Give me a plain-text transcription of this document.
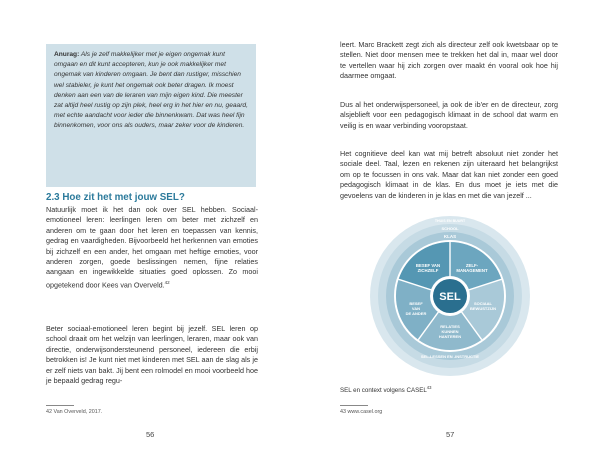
Anurag: Als je zelf makkelijker met je eigen ongemak kunt omgaan en dit kunt accepteren, kun je ook makkelijker met ongemak van kinderen omgaan. Je bent dan rustiger, misschien wel stabieler, je kunt het ongemak ook beter dragen. Ik moest denken aan een van de leraren van mijn eigen kind. Die meester zat altijd heel rustig op zijn plek, heel erg in het hier en nu, geaard, met echte aandacht voor ieder die binnenkwam. Dat was heel fijn binnenkomen, voor ons als ouders, maar zeker voor de kinderen.
2.3 Hoe zit het met jouw SEL?
Natuurlijk moet ik het dan ook over SEL hebben. Sociaal-emotioneel leren: leerlingen leren om beter met zichzelf en anderen om te gaan door het leren en toepassen van kennis, gedrag en vaardigheden. Bijvoorbeeld het herkennen van emoties bij zichzelf en een ander, het omgaan met heftige emoties, voor anderen zorgen, goede beslissingen nemen, fijne relaties aangaan en ingewikkelde situaties goed oplossen. Zo mooi opgetekend door Kees van Overveld.$^{42}$
Beter sociaal-emotioneel leren begint bij jezelf. SEL leren op school draait om het welzijn van leerlingen, leraren, maar ook van directie, onderwijsondersteunend personeel, iedereen die erbij betrokken is! Je kunt niet met kinderen met SEL aan de slag als je er zelf niets van bakt. Jij bent een rolmodel en mooi voorbeeld hoe je bepaald gedrag regu-
42 Van Overveld, 2017.
56
leert. Marc Brackett zegt zich als directeur zelf ook kwetsbaar op te stellen. Niet door mensen mee te trekken het dal in, maar wel door te vertellen waar hij zich zorgen over maakt én vooral ook hoe hij daarmee omgaat.
Dus al het onderwijspersoneel, ja ook de ib'er en de directeur, zorg alsjeblieft voor een pedagogisch klimaat in de school dat warm en veilig is en waar verbinding vooropstaat.
Het cognitieve deel kan wat mij betreft absoluut niet zonder het sociale deel. Taal, lezen en rekenen zijn uiteraard het belangrijkst om op te focussen in ons vak. Maar dat kan niet zonder een goed pedagogisch klimaat in de klas. En dus moet je iets met die gevoelens van de kinderen in je klas en met die van jezelf ...
SEL
BESEF VAN ZICHZELF
ZELF-MANAGEMENT
SOCIAAL BEWUSTZIJN
RELATIES KUNNEN HANTEREN
BESEF VAN DE ANDER
KLAS
SCHOOL
THUIS EN BUURT
SEL-LESSEN EN -INSTRUCTIE
SEL en context volgens CASEL$^{43}$
43 www.casel.org
57
